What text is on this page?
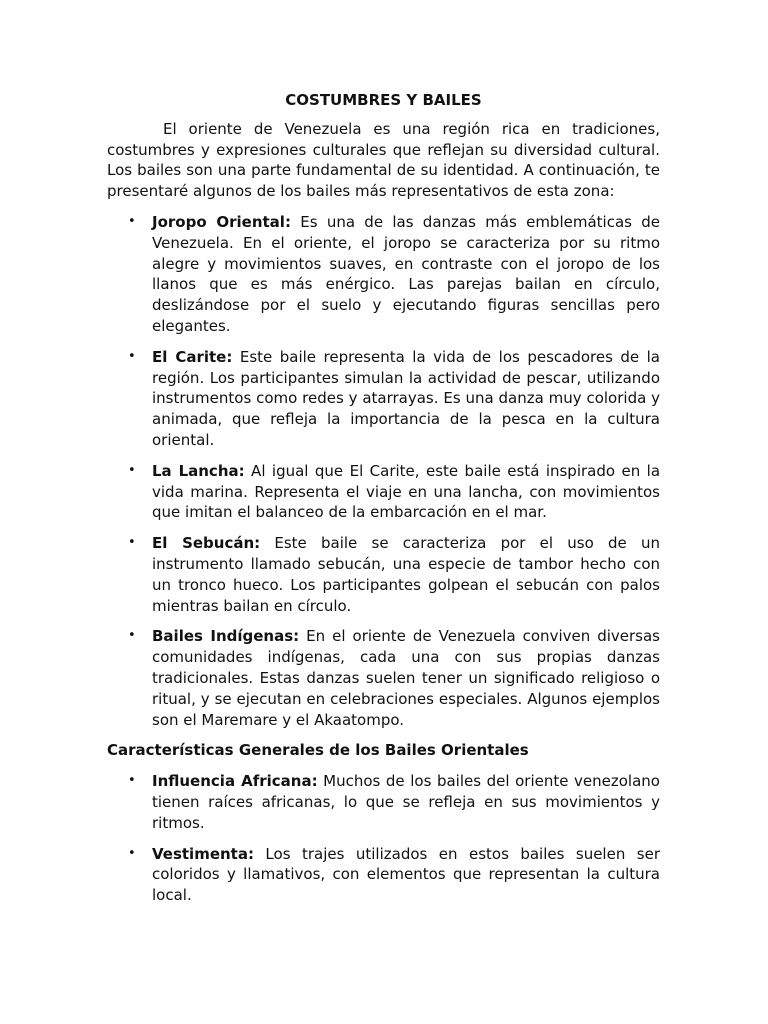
COSTUMBRES Y BAILES

El oriente de Venezuela es una región rica en tradiciones, costumbres y expresiones culturales que reflejan su diversidad cultural. Los bailes son una parte fundamental de su identidad. A continuación, te presentaré algunos de los bailes más representativos de esta zona:

• Joropo Oriental: Es una de las danzas más emblemáticas de Venezuela. En el oriente, el joropo se caracteriza por su ritmo alegre y movimientos suaves, en contraste con el joropo de los llanos que es más enérgico. Las parejas bailan en círculo, deslizándose por el suelo y ejecutando figuras sencillas pero elegantes.
• El Carite: Este baile representa la vida de los pescadores de la región. Los participantes simulan la actividad de pescar, utilizando instrumentos como redes y atarrayas. Es una danza muy colorida y animada, que refleja la importancia de la pesca en la cultura oriental.
• La Lancha: Al igual que El Carite, este baile está inspirado en la vida marina. Representa el viaje en una lancha, con movimientos que imitan el balanceo de la embarcación en el mar.
• El Sebucán: Este baile se caracteriza por el uso de un instrumento llamado sebucán, una especie de tambor hecho con un tronco hueco. Los participantes golpean el sebucán con palos mientras bailan en círculo.
• Bailes Indígenas: En el oriente de Venezuela conviven diversas comunidades indígenas, cada una con sus propias danzas tradicionales. Estas danzas suelen tener un significado religioso o ritual, y se ejecutan en celebraciones especiales. Algunos ejemplos son el Maremare y el Akaatompo.

Características Generales de los Bailes Orientales

• Influencia Africana: Muchos de los bailes del oriente venezolano tienen raíces africanas, lo que se refleja en sus movimientos y ritmos.
• Vestimenta: Los trajes utilizados en estos bailes suelen ser coloridos y llamativos, con elementos que representan la cultura local.
